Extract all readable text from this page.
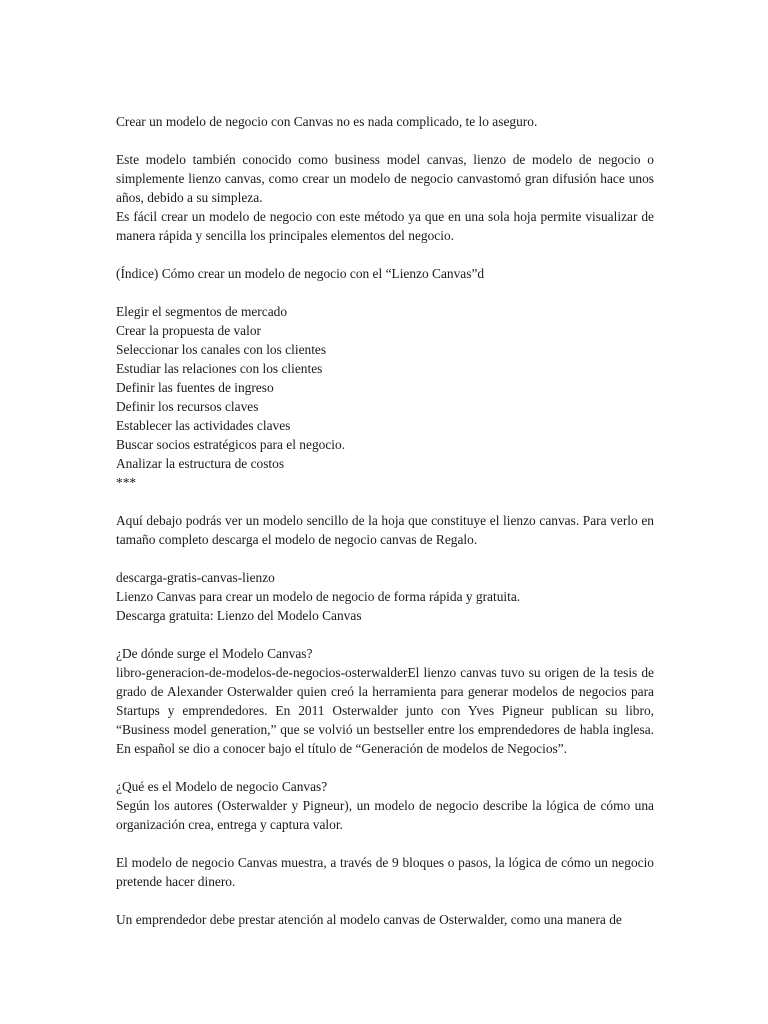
Crear un modelo de negocio con Canvas no es nada complicado, te lo aseguro.

Este modelo también conocido como business model canvas, lienzo de modelo de negocio o simplemente lienzo canvas, como crear un modelo de negocio canvastomó gran difusión hace unos años, debido a su simpleza.

Es fácil crear un modelo de negocio con este método ya que en una sola hoja permite visualizar de manera rápida y sencilla los principales elementos del negocio.

(Índice) Cómo crear un modelo de negocio con el “Lienzo Canvas”d

Elegir el segmentos de mercado

Crear la propuesta de valor

Seleccionar los canales con los clientes

Estudiar las relaciones con los clientes

Definir las fuentes de ingreso

Definir los recursos claves

Establecer las actividades claves

Buscar socios estratégicos para el negocio.

Analizar la estructura de costos

***

Aquí debajo podrás ver un modelo sencillo de la hoja que constituye el lienzo canvas. Para verlo en tamaño completo descarga el modelo de negocio canvas de Regalo.

descarga-gratis-canvas-lienzo

Lienzo Canvas para crear un modelo de negocio de forma rápida y gratuita.

Descarga gratuita: Lienzo del Modelo Canvas

¿De dónde surge el Modelo Canvas?

libro-generacion-de-modelos-de-negocios-osterwalderEl lienzo canvas tuvo su origen de la tesis de grado de Alexander Osterwalder quien creó la herramienta para generar modelos de negocios para Startups y emprendedores. En 2011 Osterwalder junto con Yves Pigneur publican su libro, “Business model generation,” que se volvió un bestseller entre los emprendedores de habla inglesa. En español se dio a conocer bajo el título de “Generación de modelos de Negocios”.

¿Qué es el Modelo de negocio Canvas?

Según los autores (Osterwalder y Pigneur), un modelo de negocio describe la lógica de cómo una organización crea, entrega y captura valor.

El modelo de negocio Canvas muestra, a través de 9 bloques o pasos, la lógica de cómo un negocio pretende hacer dinero.

Un emprendedor debe prestar atención al modelo canvas de Osterwalder, como una manera de
